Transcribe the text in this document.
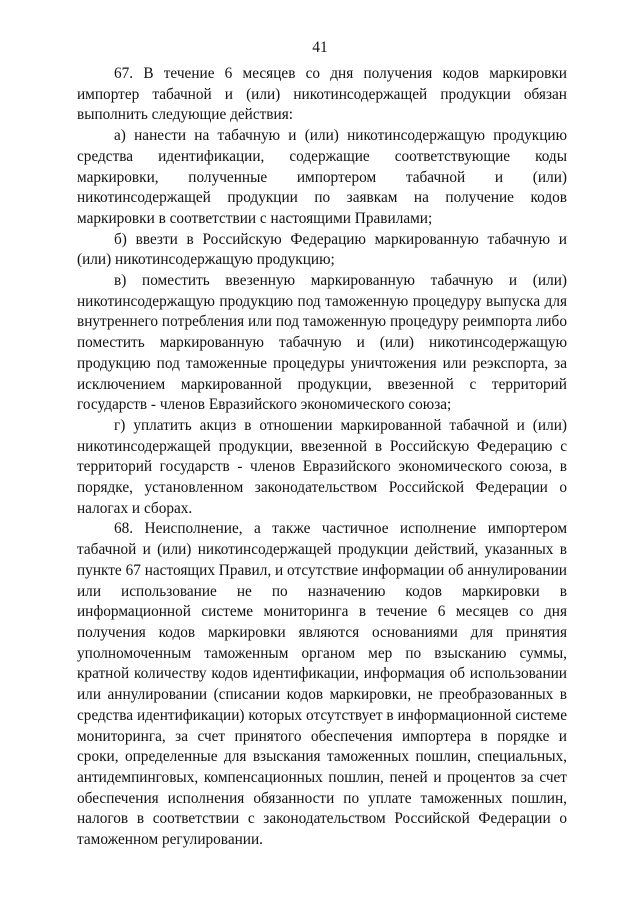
41

67. В течение 6 месяцев со дня получения кодов маркировки импортер табачной и (или) никотинсодержащей продукции обязан выполнить следующие действия:

а) нанести на табачную и (или) никотинсодержащую продукцию средства идентификации, содержащие соответствующие коды маркировки, полученные импортером табачной и (или) никотинсодержащей продукции по заявкам на получение кодов маркировки в соответствии с настоящими Правилами;

б) ввезти в Российскую Федерацию маркированную табачную и (или) никотинсодержащую продукцию;

в) поместить ввезенную маркированную табачную и (или) никотинсодержащую продукцию под таможенную процедуру выпуска для внутреннего потребления или под таможенную процедуру реимпорта либо поместить маркированную табачную и (или) никотинсодержащую продукцию под таможенные процедуры уничтожения или реэкспорта, за исключением маркированной продукции, ввезенной с территорий государств - членов Евразийского экономического союза;

г) уплатить акциз в отношении маркированной табачной и (или) никотинсодержащей продукции, ввезенной в Российскую Федерацию с территорий государств - членов Евразийского экономического союза, в порядке, установленном законодательством Российской Федерации о налогах и сборах.

68. Неисполнение, а также частичное исполнение импортером табачной и (или) никотинсодержащей продукции действий, указанных в пункте 67 настоящих Правил, и отсутствие информации об аннулировании или использование не по назначению кодов маркировки в информационной системе мониторинга в течение 6 месяцев со дня получения кодов маркировки являются основаниями для принятия уполномоченным таможенным органом мер по взысканию суммы, кратной количеству кодов идентификации, информация об использовании или аннулировании (списании кодов маркировки, не преобразованных в средства идентификации) которых отсутствует в информационной системе мониторинга, за счет принятого обеспечения импортера в порядке и сроки, определенные для взыскания таможенных пошлин, специальных, антидемпинговых, компенсационных пошлин, пеней и процентов за счет обеспечения исполнения обязанности по уплате таможенных пошлин, налогов в соответствии с законодательством Российской Федерации о таможенном регулировании.
